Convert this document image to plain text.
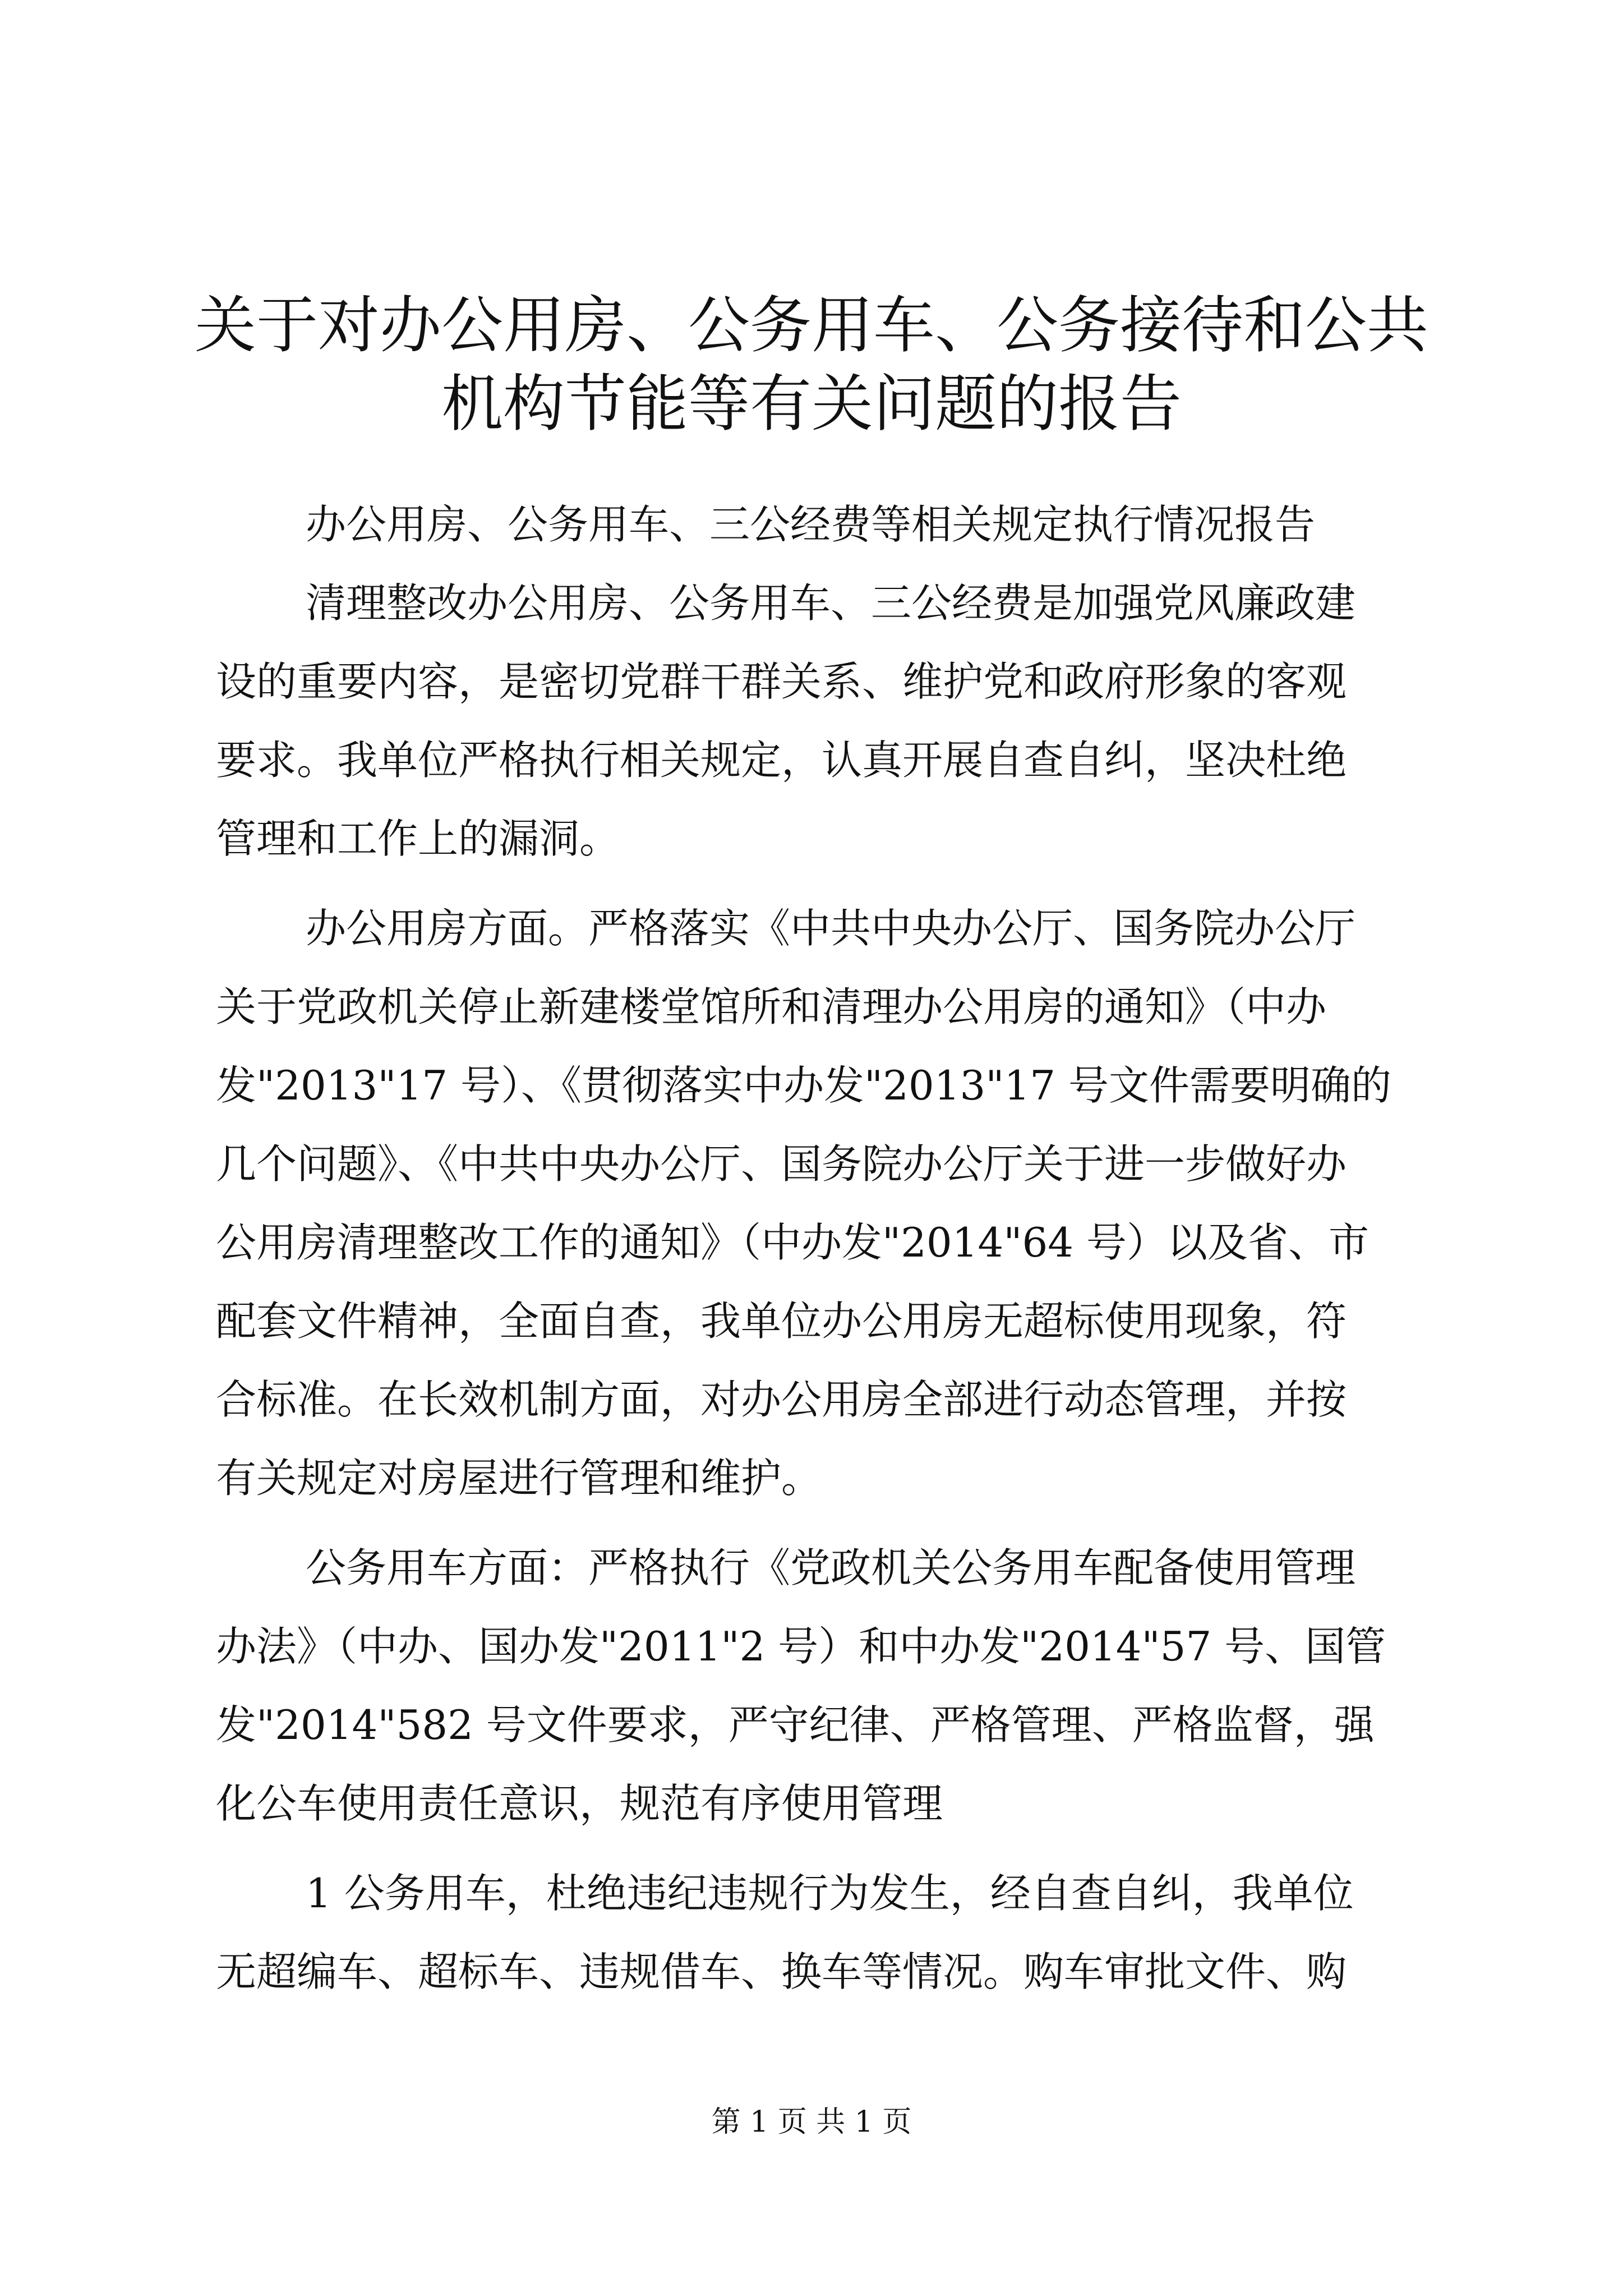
关于对办公用房、公务用车、公务接待和公共
机构节能等有关问题的报告

办公用房、公务用车、三公经费等相关规定执行情况报告

清理整改办公用房、公务用车、三公经费是加强党风廉政建

设的重要内容，是密切党群干群关系、维护党和政府形象的客观

要求。我单位严格执行相关规定，认真开展自查自纠，坚决杜绝

管理和工作上的漏洞。

办公用房方面。严格落实《中共中央办公厅、国务院办公厅

关于党政机关停止新建楼堂馆所和清理办公用房的通知》（中办

发"2013"17 号）、《贯彻落实中办发"2013"17 号文件需要明确的

几个问题》、《中共中央办公厅、国务院办公厅关于进一步做好办

公用房清理整改工作的通知》（中办发"2014"64 号）以及省、市

配套文件精神，全面自查，我单位办公用房无超标使用现象，符

合标准。在长效机制方面，对办公用房全部进行动态管理，并按

有关规定对房屋进行管理和维护。

公务用车方面：严格执行《党政机关公务用车配备使用管理

办法》（中办、国办发"2011"2 号）和中办发"2014"57 号、国管

发"2014"582 号文件要求，严守纪律、严格管理、严格监督，强

化公车使用责任意识，规范有序使用管理

1 公务用车，杜绝违纪违规行为发生，经自查自纠，我单位

无超编车、超标车、违规借车、换车等情况。购车审批文件、购

第 1 页 共 1 页
